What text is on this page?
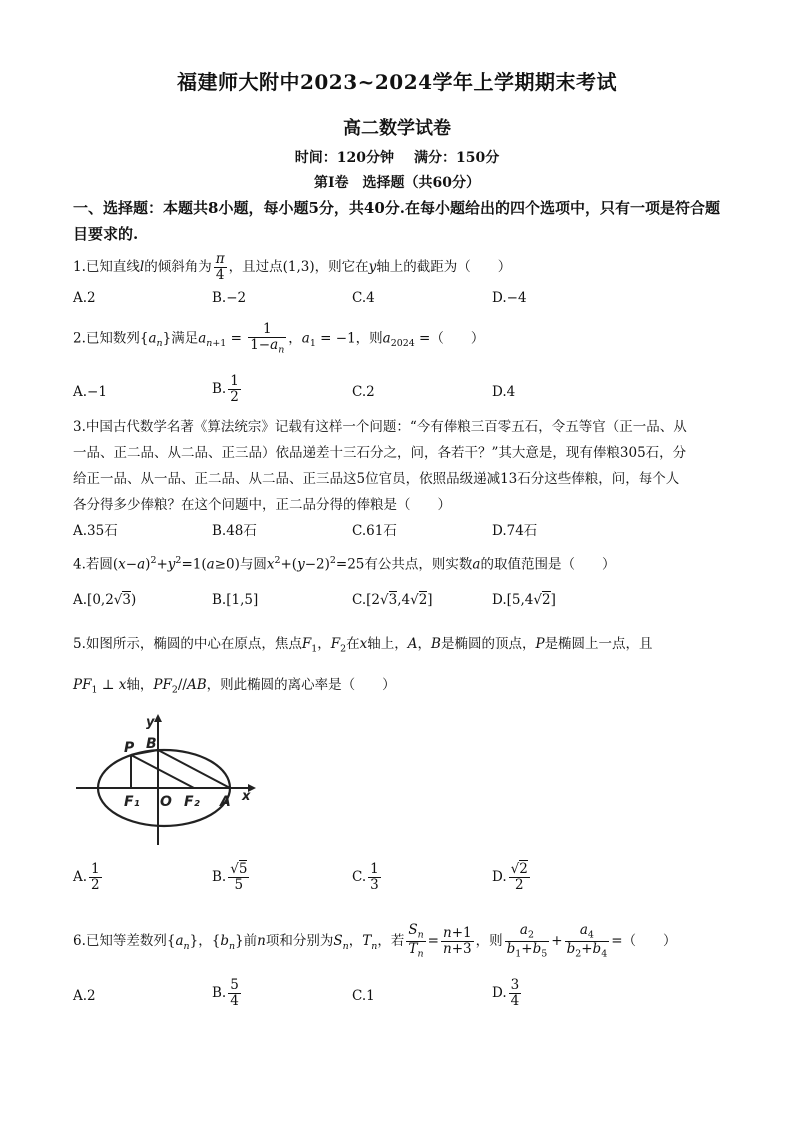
福建师大附中2023~2024学年上学期期末考试
高二数学试卷
时间：120分钟 满分：150分
第Ⅰ卷　选择题（共60分）
一、选择题：本题共8小题，每小题5分，共40分.在每小题给出的四个选项中，只有一项是符合题目要求的.
1.已知直线l的倾斜角为 $\frac{\pi}{4}$ ，且过点(1,3)，则它在y轴上的截距为（　　）
A.2	B.−2	C.4	D.−4
2.已知数列$\{a_n\}$满足$a_{n+1} = \frac{1}{1-a_n}$ ，$a_1 = -1$，则$a_{2024}$ =（　　）
A.−1	B. $\frac{1}{2}$	C.2	D.4
3.中国古代数学名著《算法统宗》记载有这样一个问题：“今有俸粮三百零五石，令五等官（正一品、从
一品、正二品、从二品、正三品）依品递差十三石分之，问，各若干？”其大意是，现有俸粮305石，分
给正一品、从一品、正二品、从二品、正三品这5位官员，依照品级递减13石分这些俸粮，问，每个人
各分得多少俸粮？在这个问题中，正二品分得的俸粮是（　　）
A.35石	B.48石	C.61石	D.74石
4.若圆$(x-a)^2+y^2=1(a\ge 0)$与圆$x^2+(y-2)^2=25$有公共点，则实数a的取值范围是（　　）
A.[0,2√3)	B.[1,5]	C.[2√3,4√2]	D.[5,4√2]
5.如图所示，椭圆的中心在原点，焦点$F_1$，$F_2$在x轴上，A，B是椭圆的顶点，P是椭圆上一点，且
$PF_1$ ⊥ x轴，$PF_2//AB$，则此椭圆的离心率是（　　）
y
P B
F₁ O F₂ A x
A. $\frac{1}{2}$	B. $\frac{√5}{5}$	C. $\frac{1}{3}$	D. $\frac{√2}{2}$
6.已知等差数列$\{a_n\}$，$\{b_n\}$前n项和分别为$S_n$，$T_n$，若 $\frac{S_n}{T_n} = \frac{n+1}{n+3}$ ，则 $\frac{a_2}{b_1+b_5} + \frac{a_4}{b_2+b_4}$ =（　　）
A.2	B. $\frac{5}{4}$	C.1	D. $\frac{3}{4}$
